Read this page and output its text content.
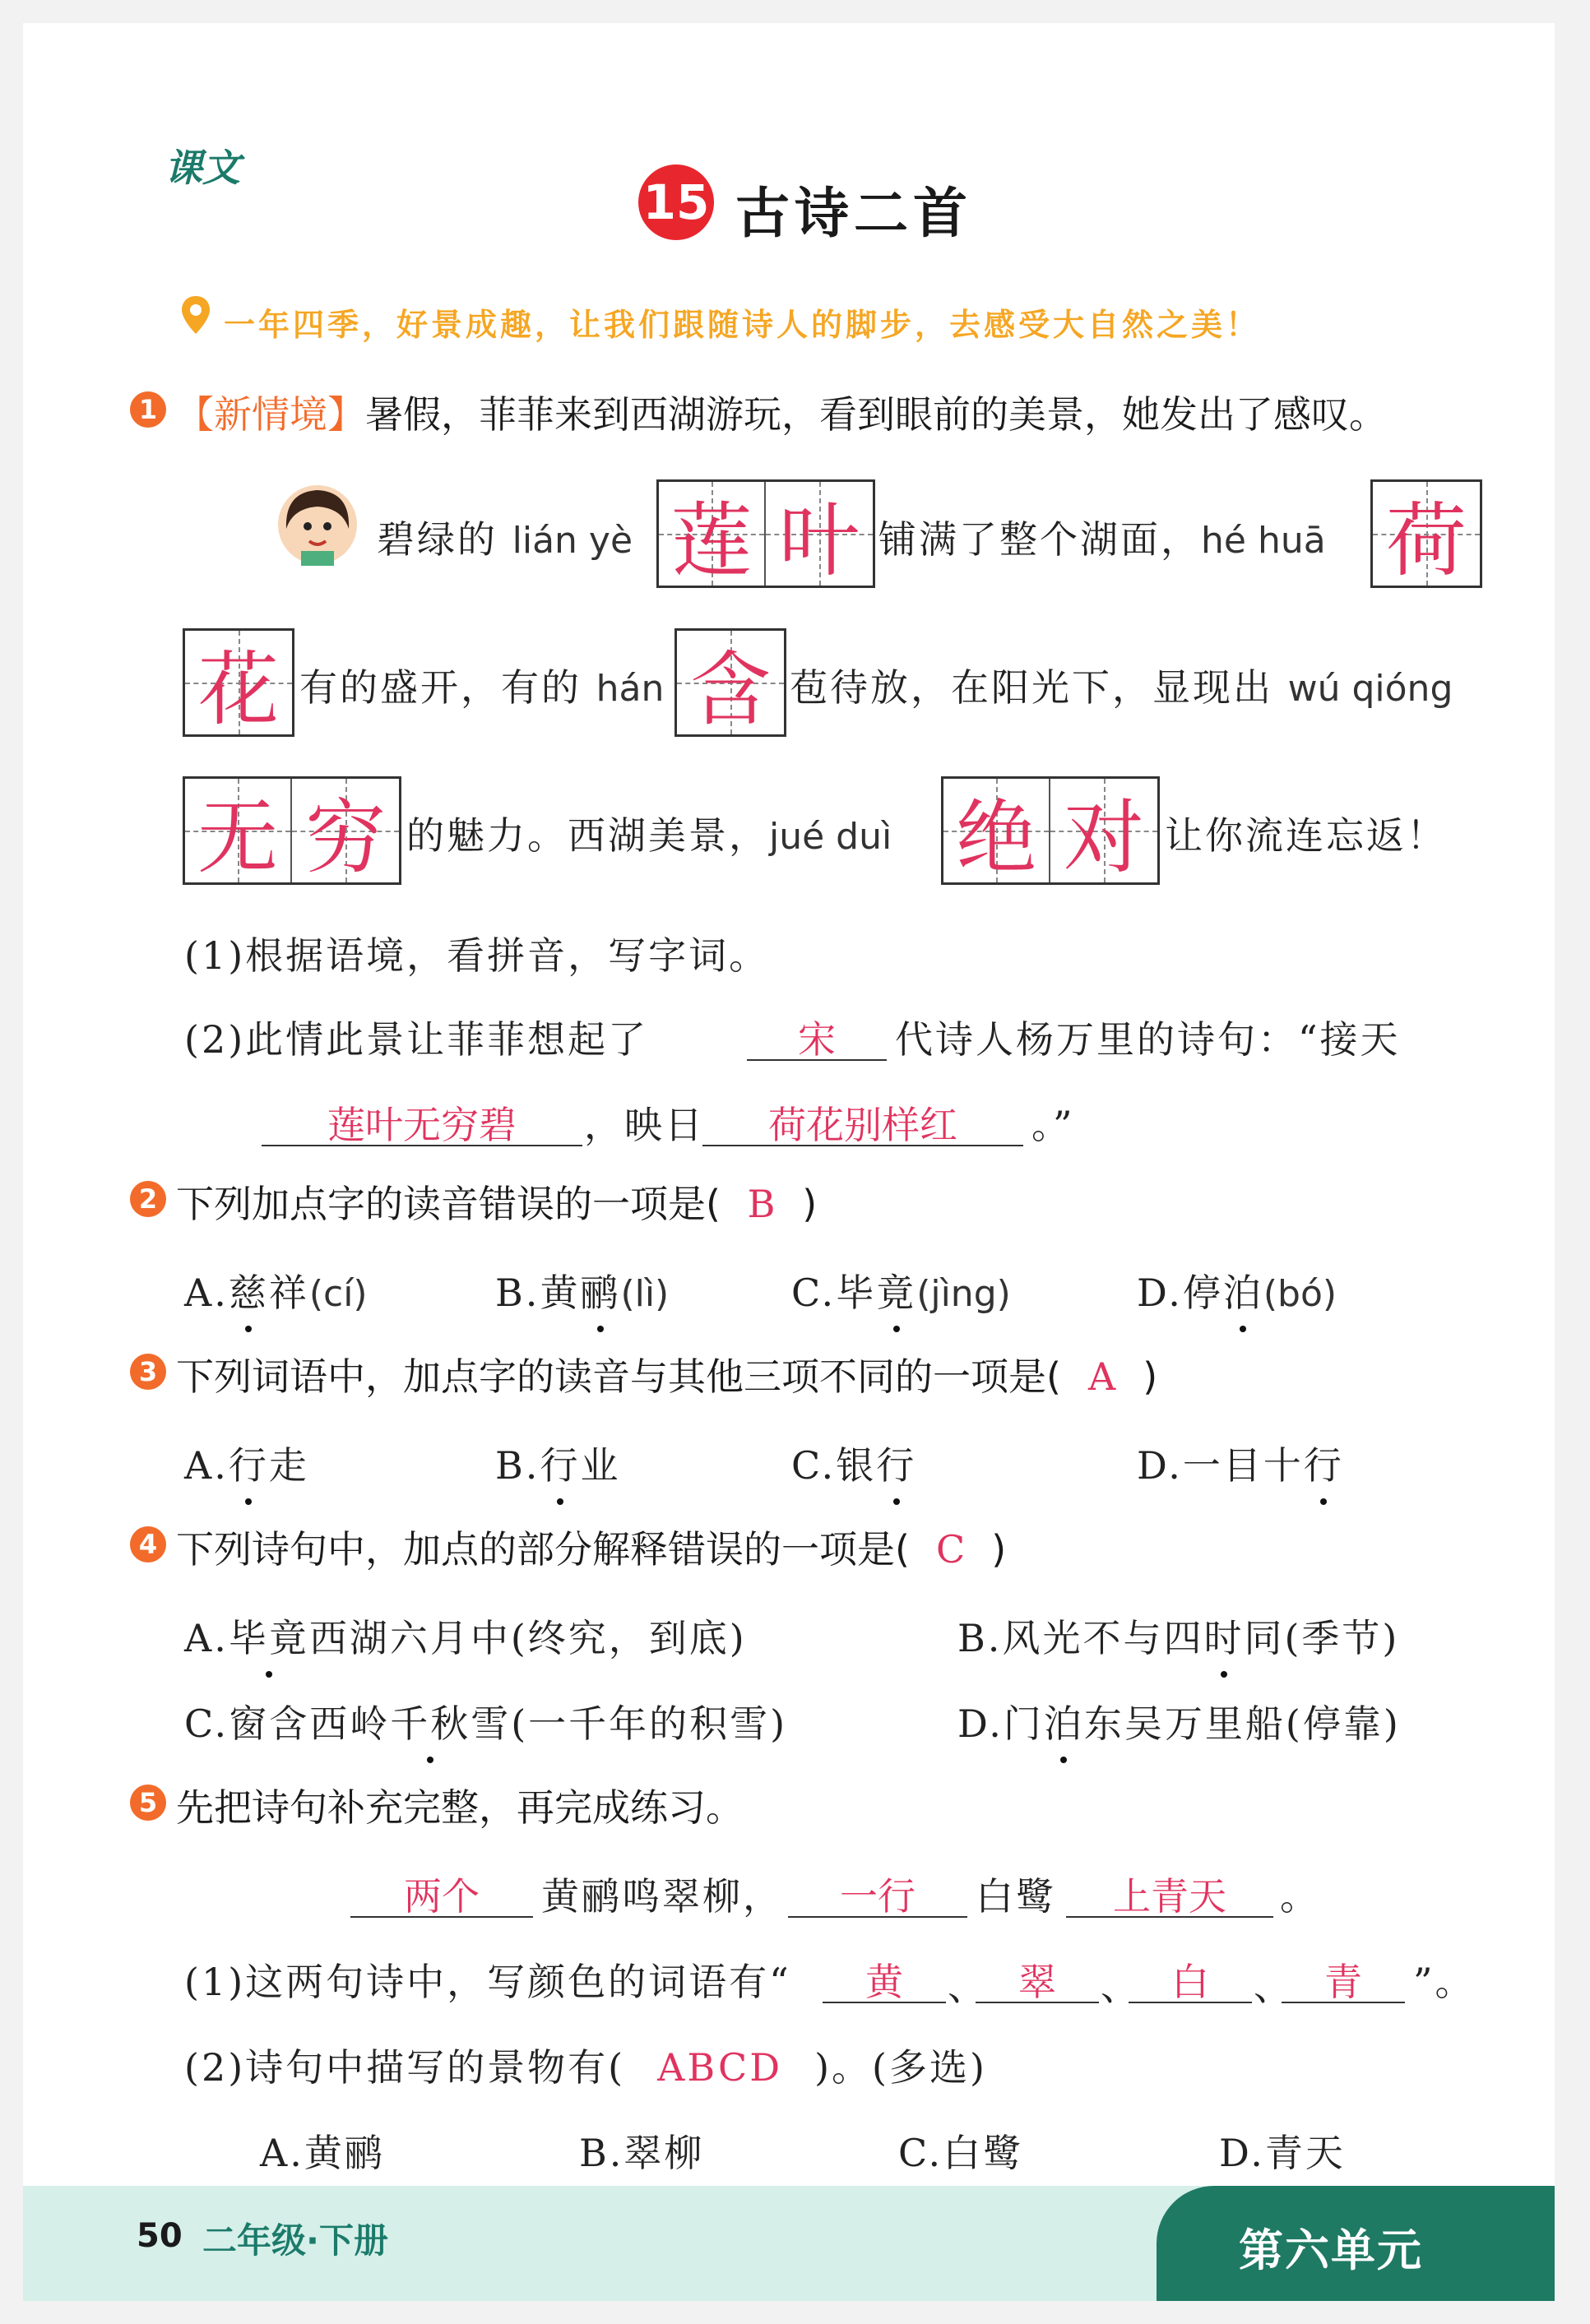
课文
15 古诗二首
一年四季，好景成趣，让我们跟随诗人的脚步，去感受大自然之美！
1 【新情境】暑假，菲菲来到西湖游玩，看到眼前的美景，她发出了感叹。
碧绿的 lián yè 莲 叶 铺满了整个湖面，hé huā 荷
花 有的盛开，有的 hán 含 苞待放，在阳光下，显现出 wú qióng
无 穷 的魅力。西湖美景，jué duì 绝 对 让你流连忘返！
(1)根据语境，看拼音，写字词。
(2)此情此景让菲菲想起了	宋	代诗人杨万里的诗句：“接天
莲叶无穷碧	，映日	荷花别样红	。”
2 下列加点字的读音错误的一项是( B )
A.慈祥(cí)	B.黄鹂(lì)	C.毕竟(jìng)	D.停泊(bó)
3 下列词语中，加点字的读音与其他三项不同的一项是( A )
A.行走	B.行业	C.银行	D.一目十行
4 下列诗句中，加点的部分解释错误的一项是( C )
A.毕竟西湖六月中(终究，到底)	B.风光不与四时同(季节)
C.窗含西岭千秋雪(一千年的积雪)	D.门泊东吴万里船(停靠)
5 先把诗句补充完整，再完成练习。
两个	黄鹂鸣翠柳，	一行	白鹭	上青天	。
(1)这两句诗中，写颜色的词语有“	黄	、 翠	、 白	、 青	”。
(2)诗句中描写的景物有( ABCD )。(多选)
A.黄鹂	B.翠柳	C.白鹭	D.青天
50 二年级·下册	第六单元
